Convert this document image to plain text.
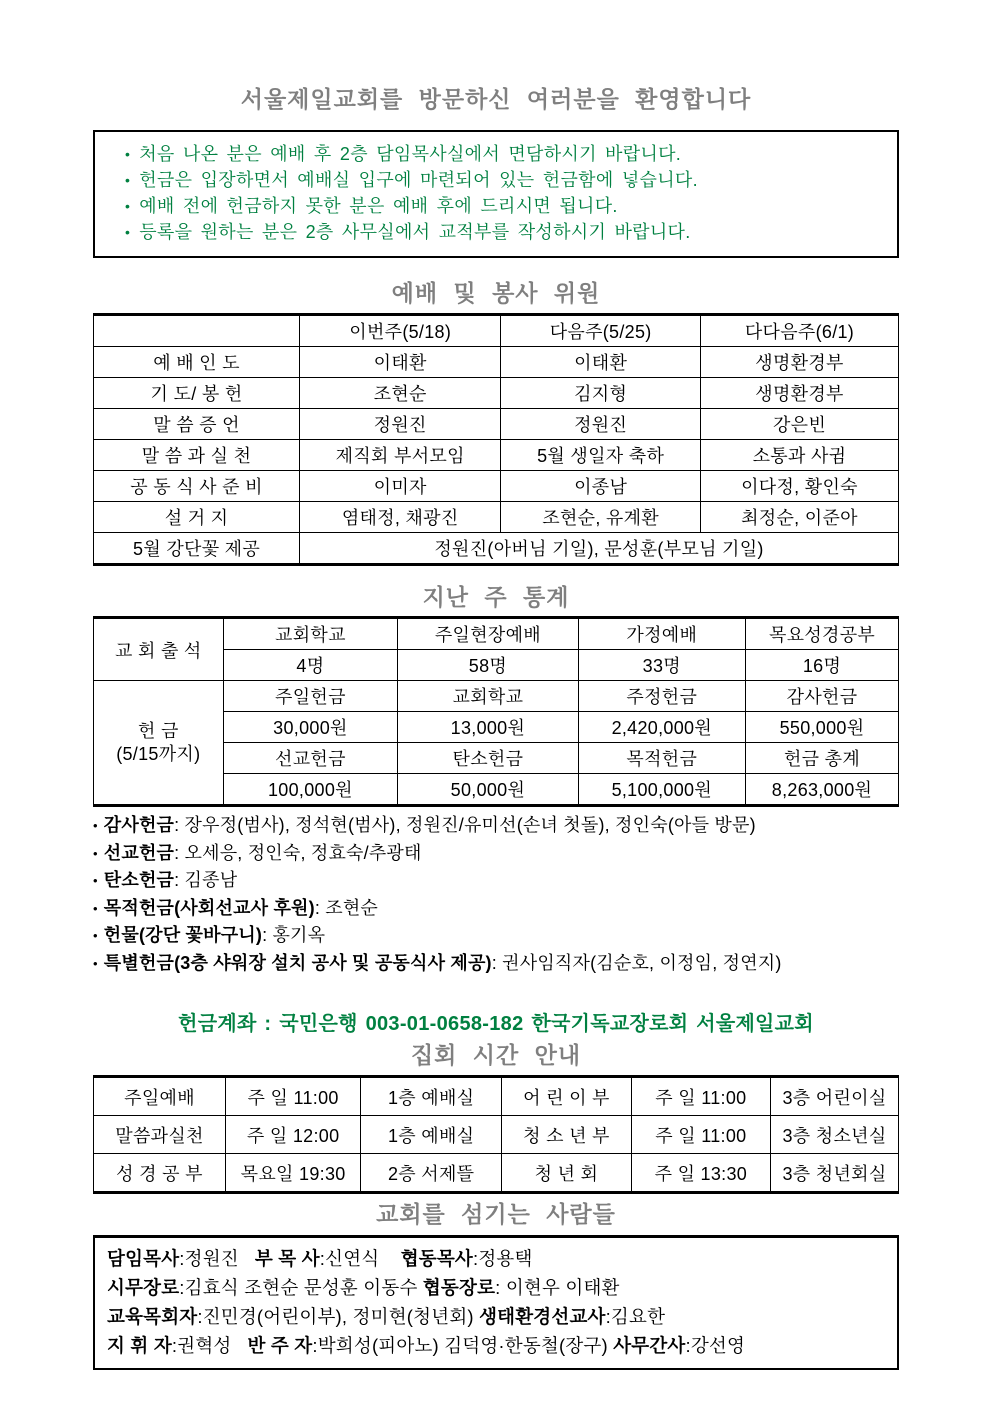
서울제일교회를 방문하신 여러분을 환영합니다
• 처음 나온 분은 예배 후 2층 담임목사실에서 면담하시기 바랍니다.
• 헌금은 입장하면서 예배실 입구에 마련되어 있는 헌금함에 넣습니다.
• 예배 전에 헌금하지 못한 분은 예배 후에 드리시면 됩니다.
• 등록을 원하는 분은 2층 사무실에서 교적부를 작성하시기 바랍니다.
예배 및 봉사 위원
	이번주(5/18)	다음주(5/25)	다다음주(6/1)
예 배 인 도	이태환	이태환	생명환경부
기 도/ 봉 헌	조현순	김지형	생명환경부
말 씀 증 언	정원진	정원진	강은빈
말 씀 과 실 천	제직회 부서모임	5월 생일자 축하	소통과 사귐
공 동 식 사 준 비	이미자	이종남	이다정, 황인숙
설 거 지	염태정, 채광진	조현순, 유계환	최정순, 이준아
5월 강단꽃 제공	정원진(아버님 기일), 문성훈(부모님 기일)		
지난 주 통계
교 회 출 석	교회학교	주일현장예배	가정예배	목요성경공부
	4명	58명	33명	16명

헌 금
(5/15까지)	주일헌금	교회학교	주정헌금	감사헌금
	30,000원	13,000원	2,420,000원	550,000원
	선교헌금	탄소헌금	목적헌금	헌금 총계
	100,000원	50,000원	5,100,000원	8,263,000원
• 감사헌금: 장우정(범사), 정석현(범사), 정원진/유미선(손녀 첫돌), 정인숙(아들 방문)
• 선교헌금: 오세응, 정인숙, 정효숙/추광태
• 탄소헌금: 김종남
• 목적헌금(사회선교사 후원): 조현순
• 헌물(강단 꽃바구니): 홍기옥
• 특별헌금(3층 샤워장 설치 공사 및 공동식사 제공): 권사임직자(김순호, 이정임, 정연지)
헌금계좌 : 국민은행 003-01-0658-182 한국기독교장로회 서울제일교회
집회 시간 안내
주일예배	주 일 11:00	1층 예배실	어 린 이 부	주 일 11:00	3층 어린이실
말씀과실천	주 일 12:00	1층 예배실	청 소 년 부	주 일 11:00	3층 청소년실
성 경 공 부	목요일 19:30	2층 서제뜰	청 년 회	주 일 13:30	3층 청년회실
교회를 섬기는 사람들
담임목사:정원진   부 목 사:신연식    협동목사:정용택
시무장로:김효식 조현순 문성훈 이동수 협동장로: 이현우 이태환
교육목회자:진민경(어린이부), 정미현(청년회) 생태환경선교사:김요한
지 휘 자:권혁성   반 주 자:박희성(피아노) 김덕영·한동철(장구) 사무간사:강선영
